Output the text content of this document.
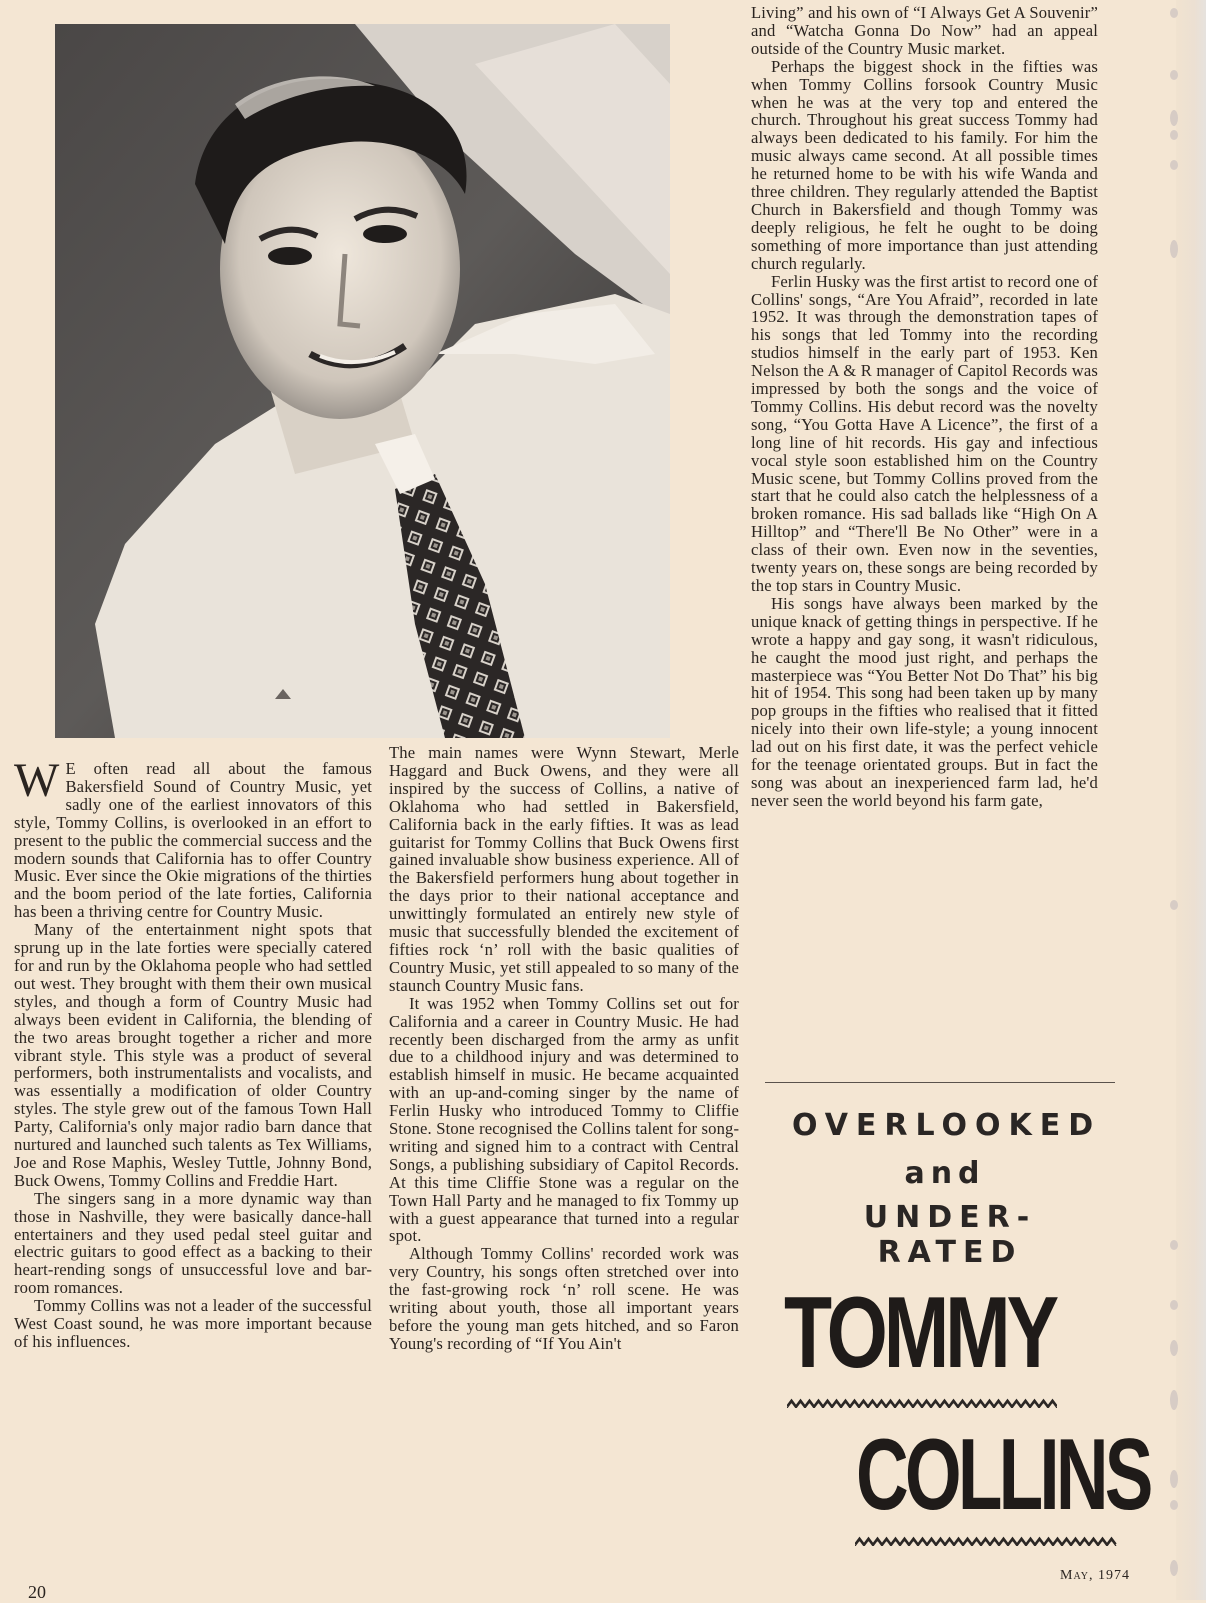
W E often read all about the famous Bakersfield Sound of Country Music, yet sadly one of the earliest innovators of this style, Tommy Collins, is overlooked in an effort to present to the public the commercial success and the modern sounds that California has to offer Country Music. Ever since the Okie migrations of the thirties and the boom period of the late forties, California has been a thriving centre for Country Music.

Many of the entertainment night spots that sprung up in the late forties were specially catered for and run by the Oklahoma people who had settled out west. They brought with them their own musical styles, and though a form of Country Music had always been evident in California, the blending of the two areas brought together a richer and more vibrant style. This style was a product of several performers, both instrumentalists and vocalists, and was essentially a modification of older Country styles. The style grew out of the famous Town Hall Party, California's only major radio barn dance that nurtured and launched such talents as Tex Williams, Joe and Rose Maphis, Wesley Tuttle, Johnny Bond, Buck Owens, Tommy Collins and Freddie Hart.

The singers sang in a more dynamic way than those in Nashville, they were basically dance-hall entertainers and they used pedal steel guitar and electric guitars to good effect as a backing to their heart-rending songs of unsuccessful love and bar-room romances.

Tommy Collins was not a leader of the successful West Coast sound, he was more important because of his influences.

The main names were Wynn Stewart, Merle Haggard and Buck Owens, and they were all inspired by the success of Collins, a native of Oklahoma who had settled in Bakersfield, California back in the early fifties. It was as lead guitarist for Tommy Collins that Buck Owens first gained invaluable show business experience. All of the Bakersfield performers hung about together in the days prior to their national acceptance and unwittingly formulated an entirely new style of music that successfully blended the excitement of fifties rock ‘n’ roll with the basic qualities of Country Music, yet still appealed to so many of the staunch Country Music fans.

It was 1952 when Tommy Collins set out for California and a career in Country Music. He had recently been discharged from the army as unfit due to a childhood injury and was determined to establish himself in music. He became acquainted with an up-and-coming singer by the name of Ferlin Husky who introduced Tommy to Cliffie Stone. Stone recognised the Collins talent for songwriting and signed him to a contract with Central Songs, a publishing subsidiary of Capitol Records. At this time Cliffie Stone was a regular on the Town Hall Party and he managed to fix Tommy up with a guest appearance that turned into a regular spot.

Although Tommy Collins' recorded work was very Country, his songs often stretched over into the fast-growing rock ‘n’ roll scene. He was writing about youth, those all important years before the young man gets hitched, and so Faron Young's recording of “If You Ain't

Living” and his own of “I Always Get A Souvenir” and “Watcha Gonna Do Now” had an appeal outside of the Country Music market.

Perhaps the biggest shock in the fifties was when Tommy Collins forsook Country Music when he was at the very top and entered the church. Throughout his great success Tommy had always been dedicated to his family. For him the music always came second. At all possible times he returned home to be with his wife Wanda and three children. They regularly attended the Baptist Church in Bakersfield and though Tommy was deeply religious, he felt he ought to be doing something of more importance than just attending church regularly.

Ferlin Husky was the first artist to record one of Collins' songs, “Are You Afraid”, recorded in late 1952. It was through the demonstration tapes of his songs that led Tommy into the recording studios himself in the early part of 1953. Ken Nelson the A & R manager of Capitol Records was impressed by both the songs and the voice of Tommy Collins. His debut record was the novelty song, “You Gotta Have A Licence”, the first of a long line of hit records. His gay and infectious vocal style soon established him on the Country Music scene, but Tommy Collins proved from the start that he could also catch the helplessness of a broken romance. His sad ballads like “High On A Hilltop” and “There'll Be No Other” were in a class of their own. Even now in the seventies, twenty years on, these songs are being recorded by the top stars in Country Music.

His songs have always been marked by the unique knack of getting things in perspective. If he wrote a happy and gay song, it wasn't ridiculous, he caught the mood just right, and perhaps the masterpiece was “You Better Not Do That” his big hit of 1954. This song had been taken up by many pop groups in the fifties who realised that it fitted nicely into their own life-style; a young innocent lad out on his first date, it was the perfect vehicle for the teenage orientated groups. But in fact the song was about an inexperienced farm lad, he'd never seen the world beyond his farm gate,

OVERLOOKED
and
UNDER-RATED
TOMMY
COLLINS
20
May, 1974
